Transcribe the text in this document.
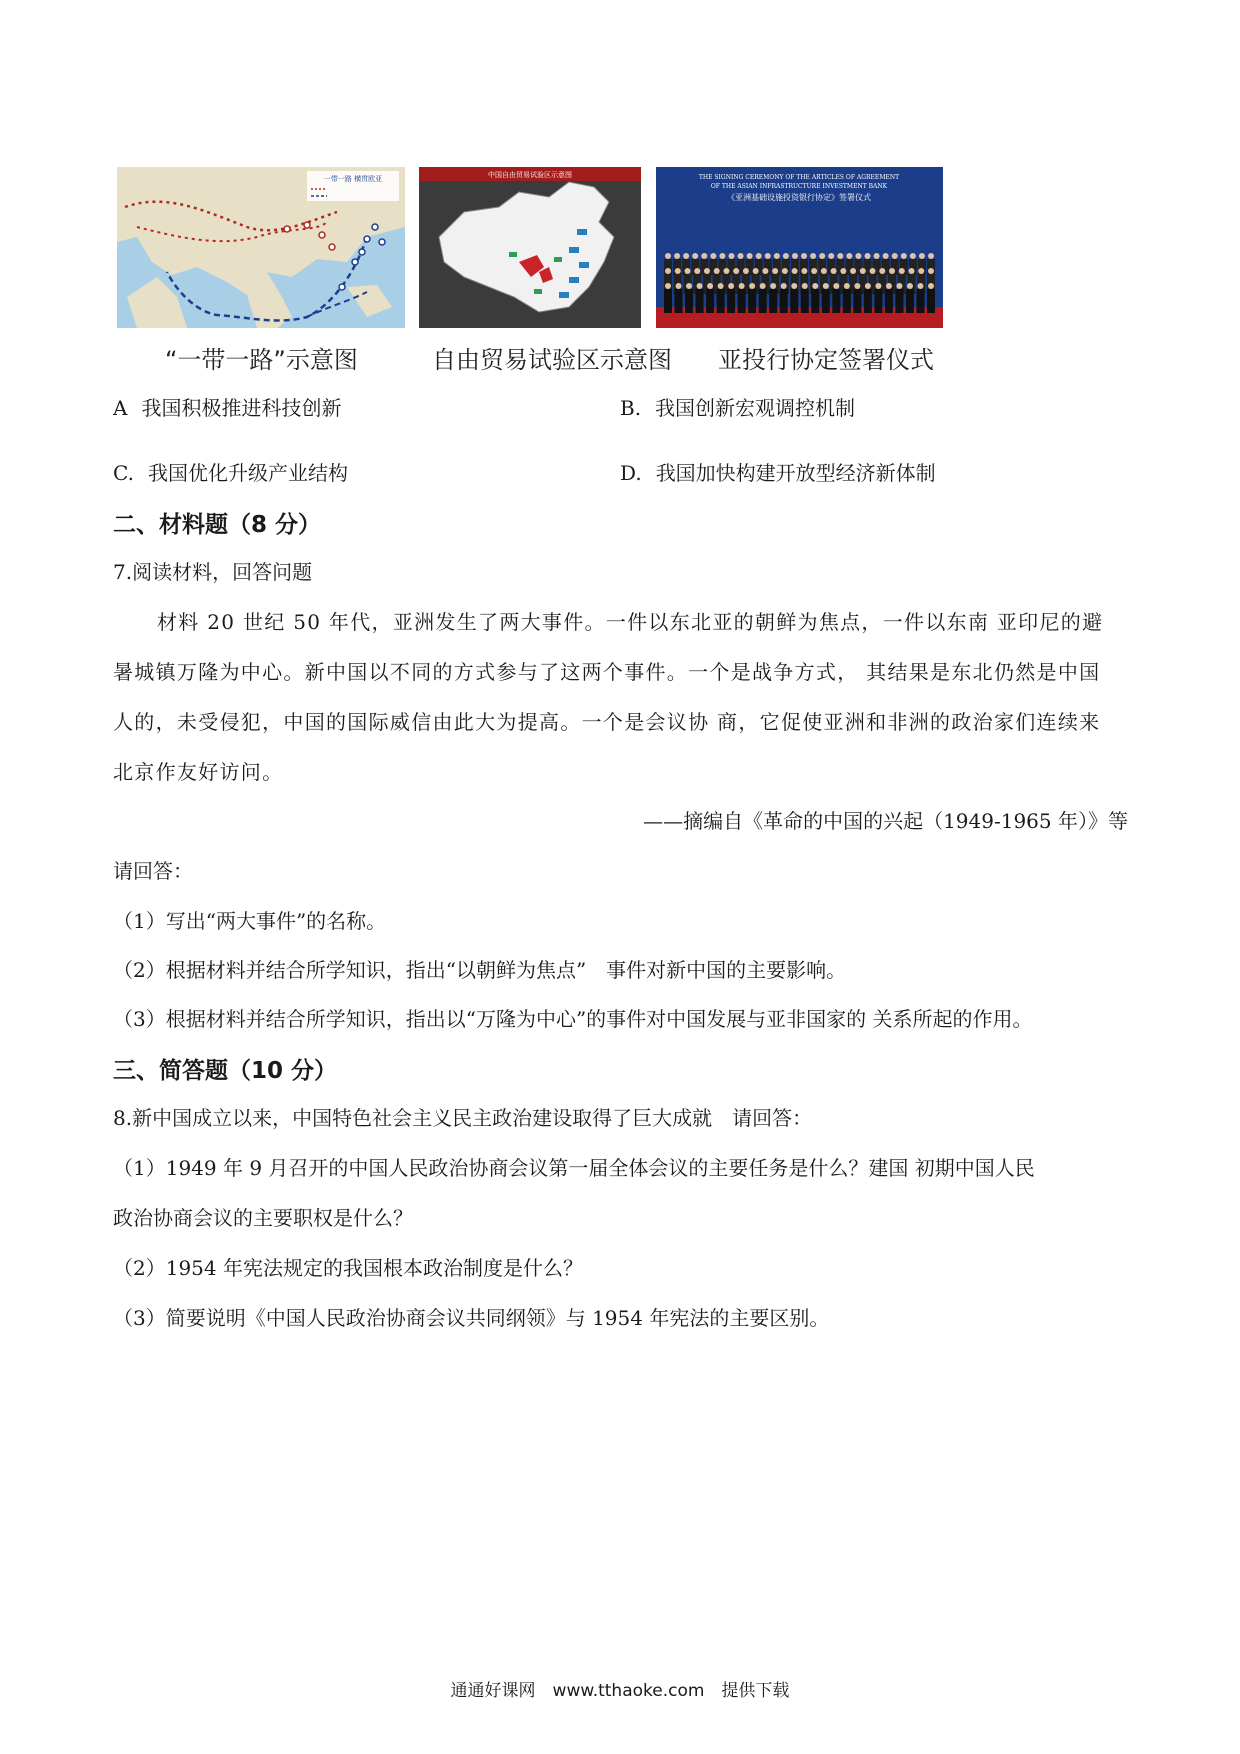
一带一路 横贯欧亚	中国自由贸易试验区示意图	THE SIGNING CEREMONY OF THE ARTICLES OF AGREEMENT
OF THE ASIAN INFRASTRUCTURE INVESTMENT BANK
《亚洲基础设施投资银行协定》签署仪式
“一带一路”示意图	自由贸易试验区示意图 亚投行协定签署仪式
A 我国积极推进科技创新	B. 我国创新宏观调控机制
C. 我国优化升级产业结构	D. 我国加快构建开放型经济新体制
二、材料题（8 分）
7.阅读材料，回答问题
材料 20 世纪 50 年代，亚洲发生了两大事件。一件以东北亚的朝鲜为焦点，一件以东南 亚印尼的避
暑城镇万隆为中心。新中国以不同的方式参与了这两个事件。一个是战争方式， 其结果是东北仍然是中国
人的，未受侵犯，中国的国际威信由此大为提高。一个是会议协 商，它促使亚洲和非洲的政治家们连续来
北京作友好访问。
——摘编自《革命的中国的兴起（1949-1965 年）》等
请回答：
（1）写出“两大事件”的名称。
（2）根据材料并结合所学知识，指出“以朝鲜为焦点”　事件对新中国的主要影响。
（3）根据材料并结合所学知识，指出以“万隆为中心”的事件对中国发展与亚非国家的 关系所起的作用。
三、简答题（10 分）
8.新中国成立以来，中国特色社会主义民主政治建设取得了巨大成就　请回答：
（1）1949 年 9 月召开的中国人民政治协商会议第一届全体会议的主要任务是什么？建国 初期中国人民
政治协商会议的主要职权是什么？
（2）1954 年宪法规定的我国根本政治制度是什么？
（3）简要说明《中国人民政治协商会议共同纲领》与 1954 年宪法的主要区别。
通通好课网　www.tthaoke.com　提供下载
